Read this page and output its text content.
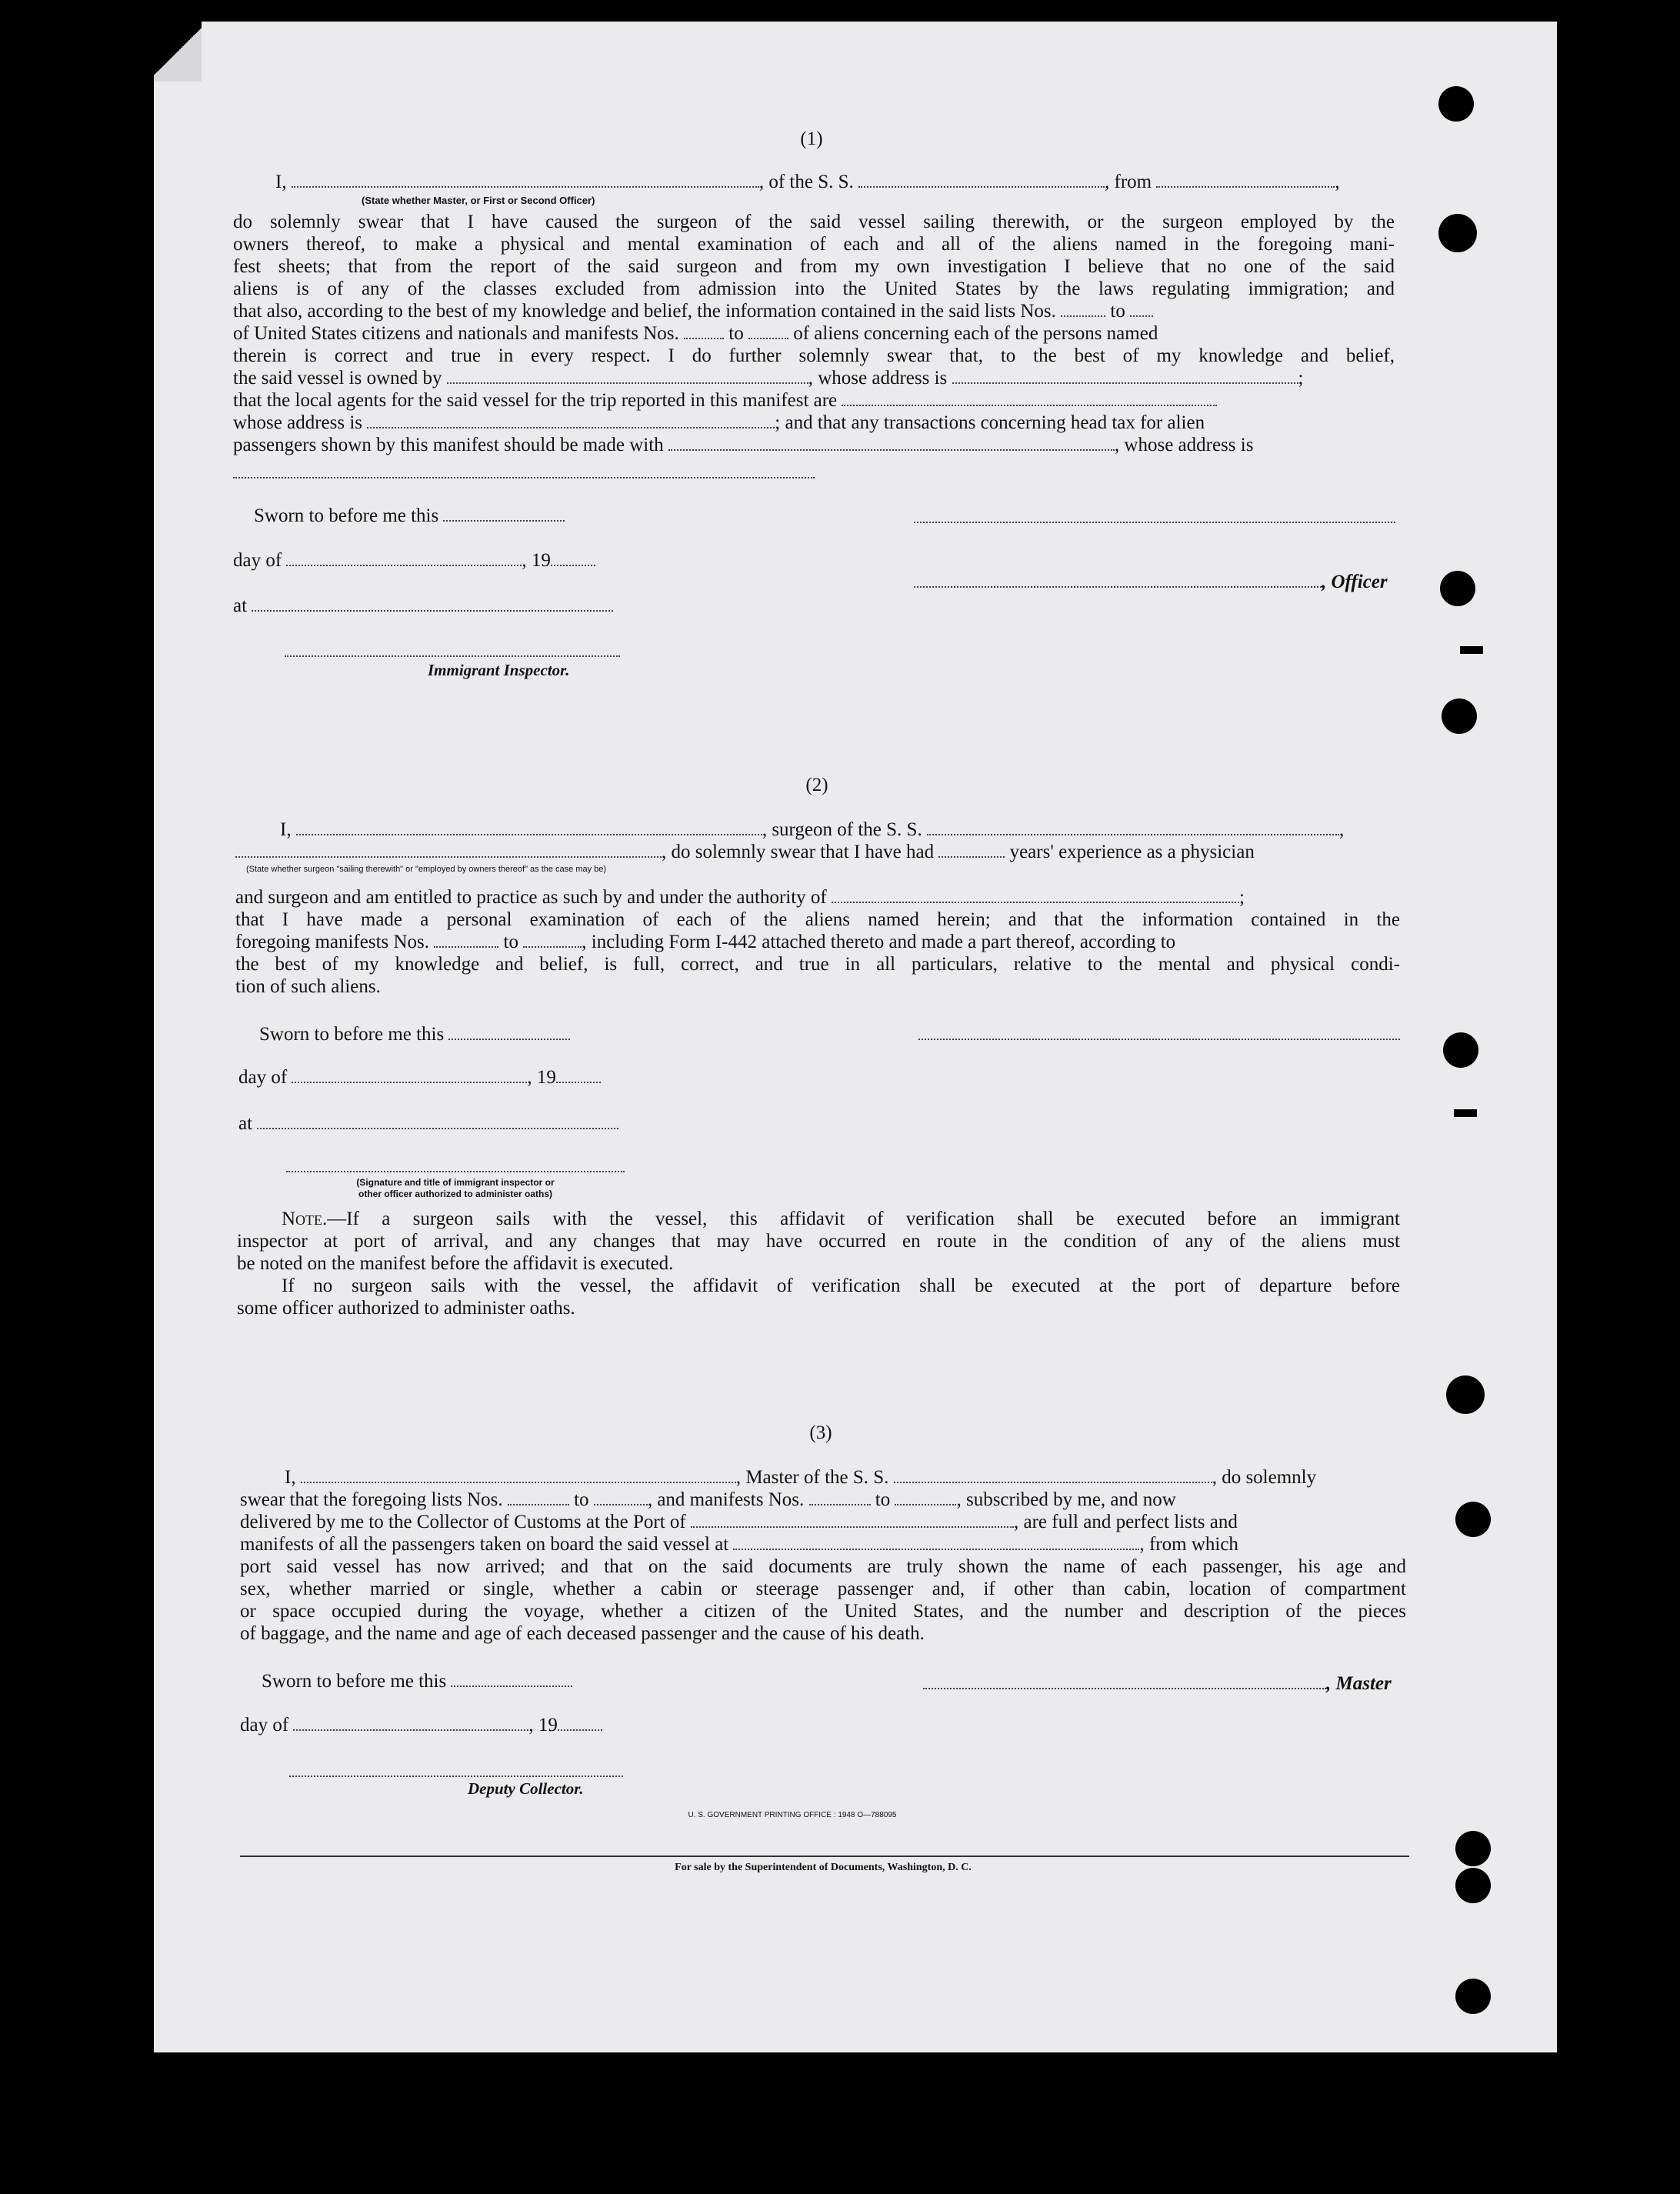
(1)
I,	, of the S. S.	, from	,
(State whether Master, or First or Second Officer)
do solemnly swear that I have caused the surgeon of the said vessel sailing therewith, or the surgeon employed by the
owners thereof, to make a physical and mental examination of each and all of the aliens named in the foregoing mani-
fest sheets; that from the report of the said surgeon and from my own investigation I believe that no one of the said
aliens is of any of the classes excluded from admission into the United States by the laws regulating immigration; and
that also, according to the best of my knowledge and belief, the information contained in the said lists Nos.	to
of United States citizens and nationals and manifests Nos.	to	of aliens concerning each of the persons named
therein is correct and true in every respect. I do further solemnly swear that, to the best of my knowledge and belief,
the said vessel is owned by	, whose address is	;
that the local agents for the said vessel for the trip reported in this manifest are
whose address is	; and that any transactions concerning head tax for alien
passengers shown by this manifest should be made with	, whose address is
Sworn to before me this
day of	, 19
, Officer
at
Immigrant Inspector.
(2)
I,	, surgeon of the S. S.	,
, do solemnly swear that I have had	years' experience as a physician
(State whether surgeon "sailing therewith" or "employed by owners thereof" as the case may be)
and surgeon and am entitled to practice as such by and under the authority of	;
that I have made a personal examination of each of the aliens named herein; and that the information contained in the
foregoing manifests Nos.	to	, including Form I-442 attached thereto and made a part thereof, according to
the best of my knowledge and belief, is full, correct, and true in all particulars, relative to the mental and physical condi-
tion of such aliens.
Sworn to before me this
day of	, 19
at
(Signature and title of immigrant inspector or
other officer authorized to administer oaths)
Note.—If a surgeon sails with the vessel, this affidavit of verification shall be executed before an immigrant
inspector at port of arrival, and any changes that may have occurred en route in the condition of any of the aliens must
be noted on the manifest before the affidavit is executed.
If no surgeon sails with the vessel, the affidavit of verification shall be executed at the port of departure before
some officer authorized to administer oaths.
(3)
I,	, Master of the S. S.	, do solemnly
swear that the foregoing lists Nos.	to	, and manifests Nos.	to	, subscribed by me, and now
delivered by me to the Collector of Customs at the Port of	, are full and perfect lists and
manifests of all the passengers taken on board the said vessel at	, from which
port said vessel has now arrived; and that on the said documents are truly shown the name of each passenger, his age and
sex, whether married or single, whether a cabin or steerage passenger and, if other than cabin, location of compartment
or space occupied during the voyage, whether a citizen of the United States, and the number and description of the pieces
of baggage, and the name and age of each deceased passenger and the cause of his death.
Sworn to before me this	, Master
day of	, 19
Deputy Collector.
U. S. GOVERNMENT PRINTING OFFICE : 1948 O—788095
For sale by the Superintendent of Documents, Washington, D. C.
